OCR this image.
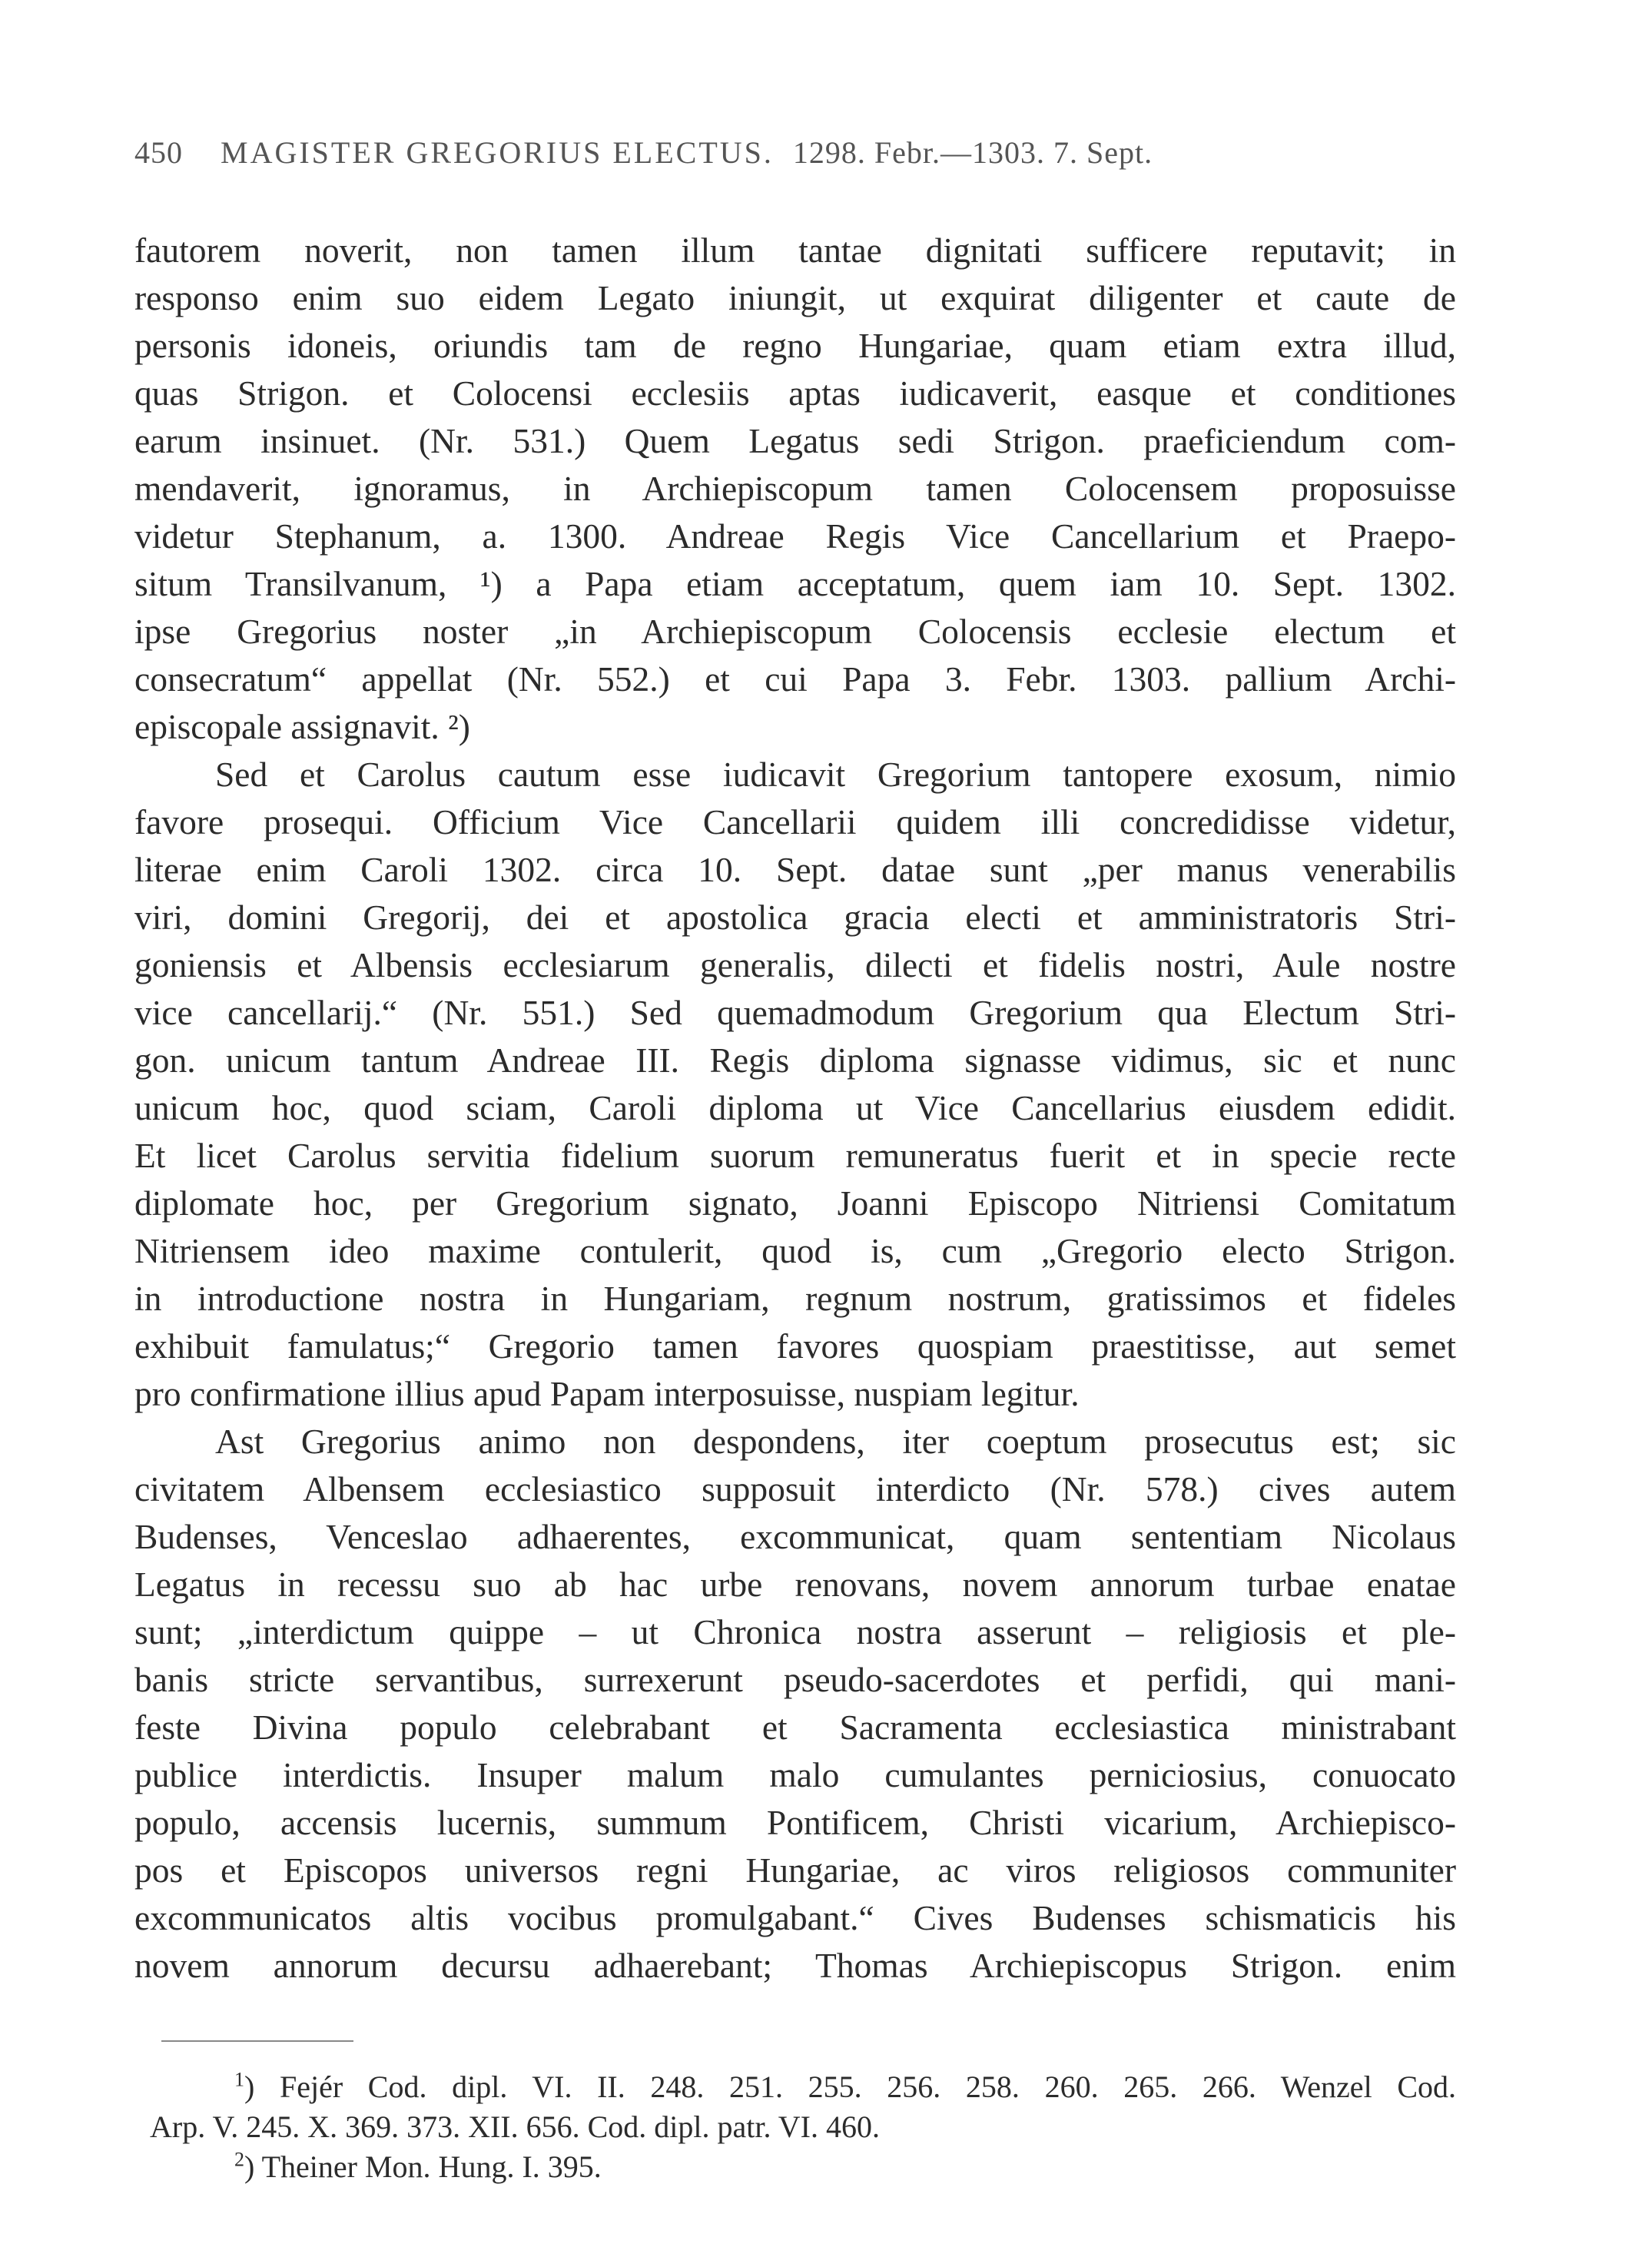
450 MAGISTER GREGORIUS ELECTUS. 1298. Febr.—1303. 7. Sept.
fautorem noverit, non tamen illum tantae dignitati sufficere reputavit; in
responso enim suo eidem Legato iniungit, ut exquirat diligenter et caute de
personis idoneis, oriundis tam de regno Hungariae, quam etiam extra illud,
quas Strigon. et Colocensi ecclesiis aptas iudicaverit, easque et conditiones
earum insinuet. (Nr. 531.) Quem Legatus sedi Strigon. praeficiendum com-
mendaverit, ignoramus, in Archiepiscopum tamen Colocensem proposuisse
videtur Stephanum, a. 1300. Andreae Regis Vice Cancellarium et Praepo-
situm Transilvanum, ¹) a Papa etiam acceptatum, quem iam 10. Sept. 1302.
ipse Gregorius noster „in Archiepiscopum Colocensis ecclesie electum et
consecratum“ appellat (Nr. 552.) et cui Papa 3. Febr. 1303. pallium Archi-
episcopale assignavit. ²)
Sed et Carolus cautum esse iudicavit Gregorium tantopere exosum, nimio
favore prosequi. Officium Vice Cancellarii quidem illi concredidisse videtur,
literae enim Caroli 1302. circa 10. Sept. datae sunt „per manus venerabilis
viri, domini Gregorij, dei et apostolica gracia electi et amministratoris Stri-
goniensis et Albensis ecclesiarum generalis, dilecti et fidelis nostri, Aule nostre
vice cancellarij.“ (Nr. 551.) Sed quemadmodum Gregorium qua Electum Stri-
gon. unicum tantum Andreae III. Regis diploma signasse vidimus, sic et nunc
unicum hoc, quod sciam, Caroli diploma ut Vice Cancellarius eiusdem edidit.
Et licet Carolus servitia fidelium suorum remuneratus fuerit et in specie recte
diplomate hoc, per Gregorium signato, Joanni Episcopo Nitriensi Comitatum
Nitriensem ideo maxime contulerit, quod is, cum „Gregorio electo Strigon.
in introductione nostra in Hungariam, regnum nostrum, gratissimos et fideles
exhibuit famulatus;“ Gregorio tamen favores quospiam praestitisse, aut semet
pro confirmatione illius apud Papam interposuisse, nuspiam legitur.
Ast Gregorius animo non despondens, iter coeptum prosecutus est; sic
civitatem Albensem ecclesiastico supposuit interdicto (Nr. 578.) cives autem
Budenses, Venceslao adhaerentes, excommunicat, quam sententiam Nicolaus
Legatus in recessu suo ab hac urbe renovans, novem annorum turbae enatae
sunt; „interdictum quippe – ut Chronica nostra asserunt – religiosis et ple-
banis stricte servantibus, surrexerunt pseudo-sacerdotes et perfidi, qui mani-
feste Divina populo celebrabant et Sacramenta ecclesiastica ministrabant
publice interdictis. Insuper malum malo cumulantes perniciosius, conuocato
populo, accensis lucernis, summum Pontificem, Christi vicarium, Archiepisco-
pos et Episcopos universos regni Hungariae, ac viros religiosos communiter
excommunicatos altis vocibus promulgabant.“ Cives Budenses schismaticis his
novem annorum decursu adhaerebant; Thomas Archiepiscopus Strigon. enim
$^1$) Fejér Cod. dipl. VI. II. 248. 251. 255. 256. 258. 260. 265. 266. Wenzel Cod.
Arp. V. 245. X. 369. 373. XII. 656. Cod. dipl. patr. VI. 460.
$^2$) Theiner Mon. Hung. I. 395.
